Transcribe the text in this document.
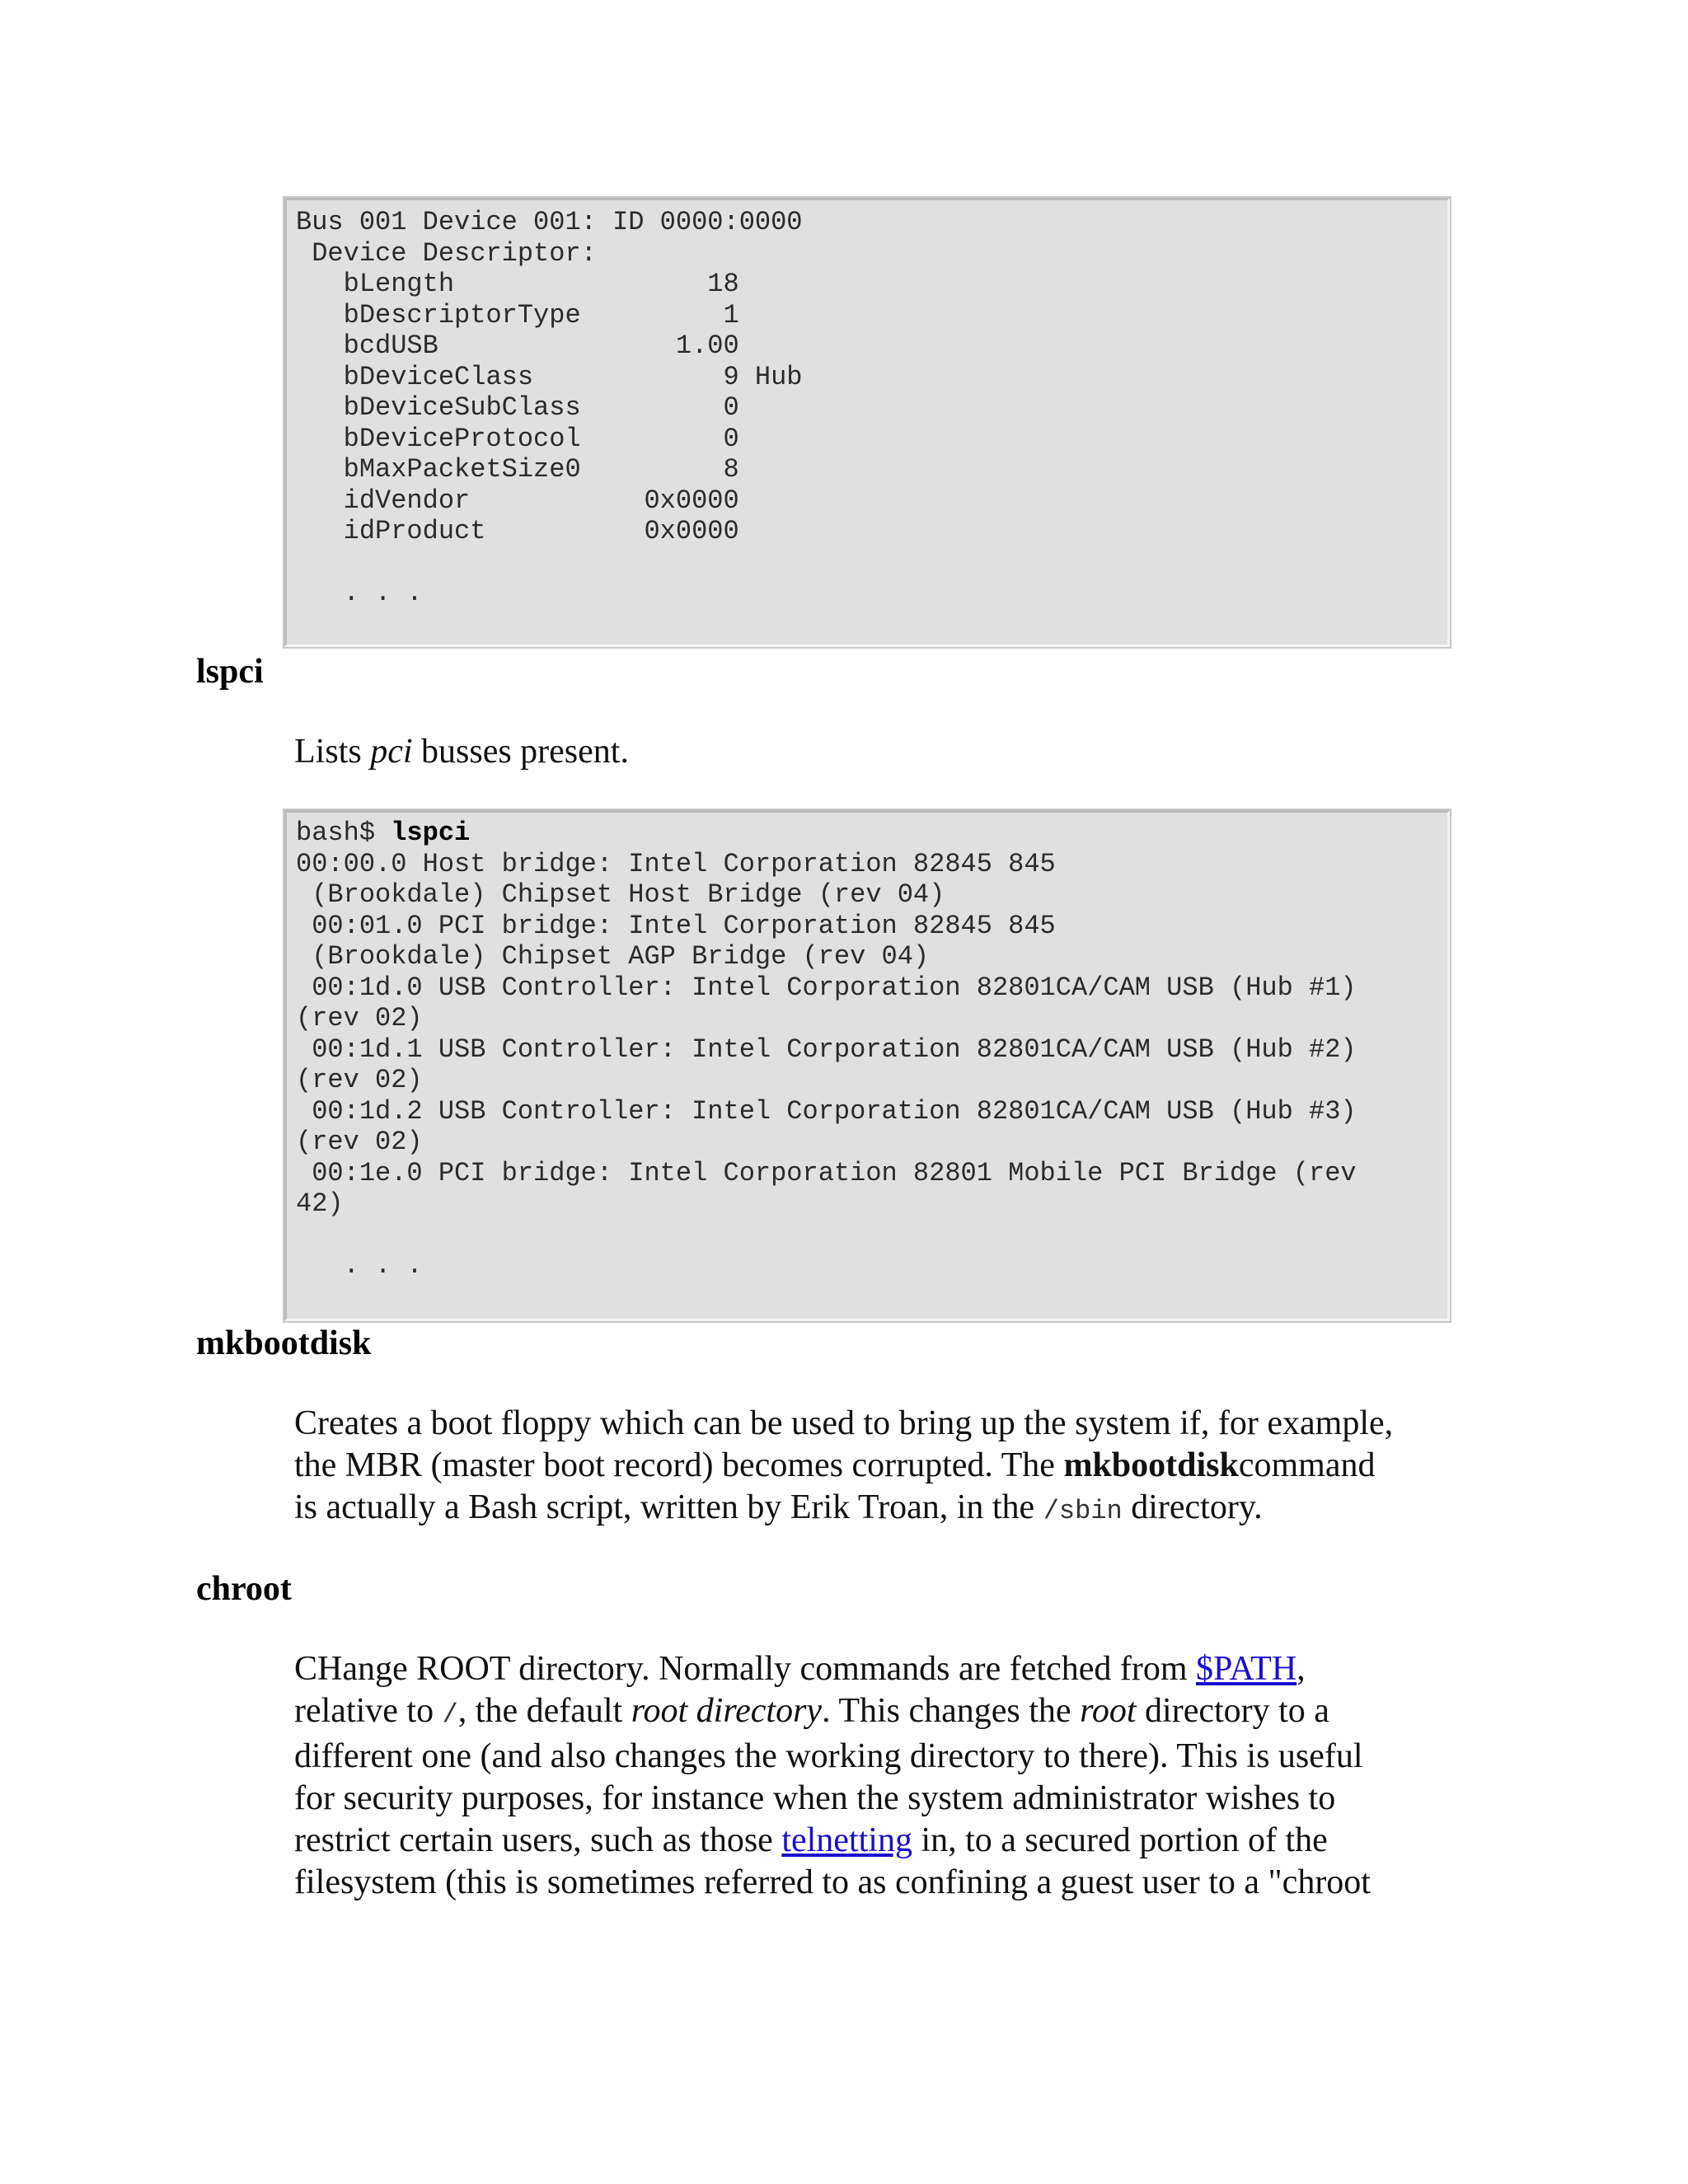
Bus 001 Device 001: ID 0000:0000
Device Descriptor:
bLength                18
bDescriptorType         1
bcdUSB               1.00
bDeviceClass            9 Hub
bDeviceSubClass         0
bDeviceProtocol         0
bMaxPacketSize0         8
idVendor           0x0000
idProduct          0x0000

. . .

lspci

Lists pci busses present.

bash$ lspci
00:00.0 Host bridge: Intel Corporation 82845 845
(Brookdale) Chipset Host Bridge (rev 04)
00:01.0 PCI bridge: Intel Corporation 82845 845
(Brookdale) Chipset AGP Bridge (rev 04)
00:1d.0 USB Controller: Intel Corporation 82801CA/CAM USB (Hub #1)
(rev 02)
00:1d.1 USB Controller: Intel Corporation 82801CA/CAM USB (Hub #2)
(rev 02)
00:1d.2 USB Controller: Intel Corporation 82801CA/CAM USB (Hub #3)
(rev 02)
00:1e.0 PCI bridge: Intel Corporation 82801 Mobile PCI Bridge (rev
42)

. . .

mkbootdisk

Creates a boot floppy which can be used to bring up the system if, for example,
the MBR (master boot record) becomes corrupted. The mkbootdiskcommand
is actually a Bash script, written by Erik Troan, in the /sbin directory.

chroot

CHange ROOT directory. Normally commands are fetched from $PATH,
relative to /, the default root directory. This changes the root directory to a
different one (and also changes the working directory to there). This is useful
for security purposes, for instance when the system administrator wishes to
restrict certain users, such as those telnetting in, to a secured portion of the
filesystem (this is sometimes referred to as confining a guest user to a "chroot
